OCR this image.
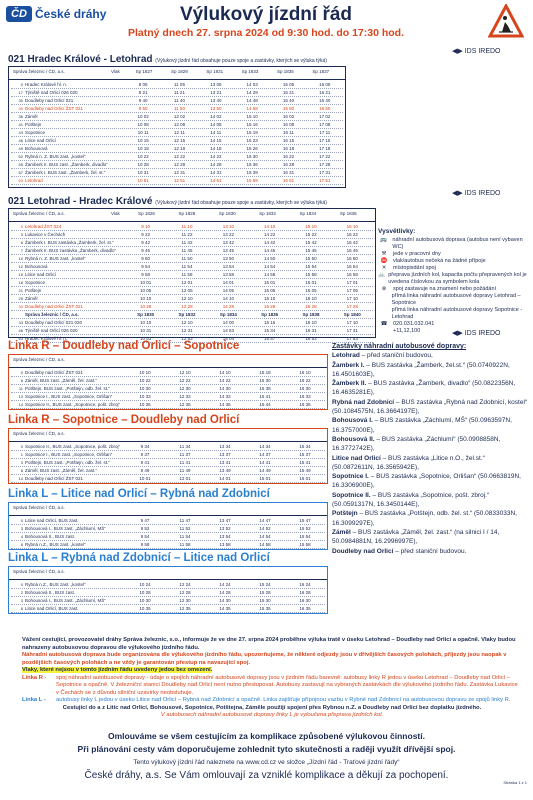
ČD České dráhy	Výlukový jízdní řád
Platný dnech 27. srpna 2024 od 9:30 hod. do 17:30 hod.
◀▶ IDS IREDO
◀▶ IDS IREDO
◀▶ IDS IREDO
021 Hradec Králové - Letohrad (Výlukový jízdní řád obsahuje pouze spoje a zastávky, kterých se výluka týká)
Správa železnic / ČD, a.s.	Vlak	Sp 1827	Sp 1829	Sp 1831	Sp 1833	Sp 1835	Sp 1837
0 Hradec Králové hl. n.	8 05	11 05	13 05	14 03	15 05	16 05
17 Týniště nad Orlicí 026 020	8 21	11 21	13 21	14 29	15 21	16 21
30 Doudleby nad Orlicí 021	9 40	11 40	13 40	14 48	15 40	16 40
30 Doudleby nad Orlicí ŽST 021	9 50	11 50	13 50	14 58	15 50	16 50
36 Záměl	10 02	12 02	14 02	15 10	16 02	17 02
41 Potštejn	10 08	12 08	14 08	15 16	16 08	17 08
43 Sopotnice	10 11	12 11	14 11	15 19	16 11	17 11
46 Litice nad Orlicí	10 15	12 15	14 15	15 23	16 15	17 15
49 Bohousová	10 18	12 18	14 18	15 26	16 18	17 18
52 Rybná n. Z. BUS zast. „kostel“	10 22	12 22	14 22	15 30	16 22	17 22
55 Žamberk II. BUS zast. „Žamberk, divadlo“	10 28	12 28	14 28	15 36	16 28	17 28
57 Žamberk I. BUS zast. „Žamberk, žel. st.“	10 31	12 31	14 31	15 39	16 31	17 31
63 Letohrad	10 51	12 51	14 51	15 59	16 51	17 51
021 Letohrad - Hradec Králové (Výlukový jízdní řád obsahuje pouze spoje a zastávky, kterých se výluka týká)
Správa železnic / ČD, a.s.	Vlak	Sp 1826	Sp 1828	Sp 1830	Sp 1832	Sp 1834	Sp 1836
0 Letohrad ŽST 024	9 10	11 10	13 10	14 10	15 10	16 10
3 Lukavice v Čechách	9 22	11 22	13 22	14 22	15 22	16 22
6 Žamberk I. BUS zastávka „Žamberk, žel. st.“	9 42	11 42	13 42	14 42	15 42	16 42
7 Žamberk II. BUS zastávka „Žamberk, divadlo“	9 45	11 45	13 45	14 45	15 45	16 45
10 Rybná n. Z. BUS zast. „kostel“	9 50	11 50	13 50	14 50	15 50	16 50
12 Bohousová	9 54	11 54	13 54	14 54	15 54	16 54
15 Litice nad Orlicí	9 58	11 58	13 58	14 58	15 58	16 58
18 Sopotnice	10 01	12 01	14 01	15 01	16 01	17 01
21 Potštejn	10 05	12 05	14 05	15 05	16 05	17 05
25 Záměl	10 10	12 10	14 10	15 10	16 10	17 10
33 Doudleby nad Orlicí ŽST 021	10 28	12 28	14 28	15 28	16 28	17 28
Správa železnic / ČD, a.s.	Sp 1830	Sp 1832	Sp 1834	Sp 1836	Sp 1838	Sp 1840
33 Doudleby nad Orlicí 021 020	10 10	12 10	14 00	15 16	16 10	17 10
46 Týniště nad Orlicí 026 020	10 31	12 31	14 53	15 34	16 31	17 31
63 Hradec Králové hl. n.	10 53	12 53	15 04	15 57	16 53	17 53
Vysvětlivky:
🚌 náhradní autobusová doprava (autobus není vybaven WC)
⚒	jede v pracovní dny
⛔	vlak/autobus nečeká na žádné přípoje
✕	místopisdání spoj
🚲 přeprava jízdních kol, kapacita počtu přepravených kol je uvedena číslovkou za symbolem kola
⊗	spoj zastavuje na znamení nebo požádání
přímá linka náhradní autobusové dopravy Letohrad – Sopotnice
přímá linka náhradní autobusové dopravy Sopotnice - Letohrad
☎	020.031.032.041
+11,12,100
Linka R – Doudleby nad Orlicí – Sopotnice
Správa železnic / ČD, a.s.
0 Doudleby nad Orlicí ŽST 021	10 10	12 10	14 10	15 18	16 10
6 Záměl, BUS zast. „Záměl, žel. zast.“	10 22	12 22	14 22	15 30	16 22
11 Potštejn, BUS zast. „Potštejn, odb. žel. st.“	10 30	12 30	14 30	15 38	16 30
13 Sopotnice I., BUS zast. „Sopotnice, Orlišan“	10 33	12 33	14 33	15 41	16 33
14 Sopotnice II., BUS zast. „Sopotnice, pošt. zbroj“	10 36	12 36	14 36	15 44	16 36
Linka R – Sopotnice – Doudleby nad Orlicí
Správa železnic / ČD, a.s.
0 Sopotnice II., BUS zast. „Sopotnice, pošt. zbroj“	9 34	11 34	13 34	14 34	15 34
1 Sopotnice I., BUS zast. „Sopotnice, Orlišan“	9 37	11 37	13 37	14 37	15 37
3 Potštejn, BUS zast. „Potštejn, odb. žel. st.“	9 41	11 41	13 41	14 41	15 41
8 Záměl, BUS zast. „Záměl, žel. zast.“	9 49	11 49	13 49	14 49	15 49
14 Doudleby nad Orlicí ŽST 021	10 01	12 01	14 01	15 01	16 01
Linka L – Litice nad Orlicí – Rybná nad Zdobnicí
Správa železnic / ČD, a.s.
0 Litice nad Orlicí, BUS zast.	9 47	11 47	13 47	14 47	15 47
3 Bohousová I., BUS zast. „Záchlumí, MŠ“	9 52	11 52	13 52	14 52	15 52
4 Bohousová II., BUS zast.	9 54	11 54	13 54	14 54	15 54
6 Rybná n.Z., BUS zast. „kostel“	9 58	11 58	13 58	14 58	15 58
Linka L – Rybná nad Zdobnicí – Litice nad Orlicí
Správa železnic / ČD, a.s.
0 Rybná n.Z., BUS zast. „kostel“	10 24	12 24	14 24	15 24	16 24
2 Bohousová II., BUS zast.	10 28	12 28	14 28	15 28	16 28
3 Bohousová I., BUS zast. „Záchlumí, MŠ“	10 30	12 30	14 30	15 30	16 30
6 Litice nad Orlicí, BUS zast.	10 35	12 35	14 35	15 35	16 35
Zastávky náhradní autobusové dopravy:

Letohrad – před staniční budovou,

Žamberk I. – BUS zastávka „Žamberk, žel.st.“ (50.0740922N, 16.4501603E),

Žamberk II. – BUS zastávka „Žamberk, divadlo“ (50.0822356N, 16.4635281E),

Rybná nad Zdobnicí – BUS zastávka „Rybná nad Zdobnicí, kostel“ (50.1084575N, 16.3664197E),

Bohousová I. – BUS zastávka „Záchlumí, MŠ“ (50.0963597N, 16.3757000E),

Bohousová II. – BUS zastávka „Záchlumí“ (50.0908858N, 16.3772742E),

Litice nad Orlicí – BUS zastávka „Litice n.O., žel.st.“ (50.0872611N, 16.3565942E),

Sopotnice I. – BUS zastávka „Sopotnice, Orlišan“ (50.0663819N, 16.3306900E),

Sopotnice II. – BUS zastávka „Sopotnice, pošt. zbroj.“ (50.0591317N, 16.3450144E),

Potštejn – BUS zastávka „Potštejn, odb. žel. st.“ (50.0833033N, 16.3099297E),

Záměl – BUS zastávka „Záměl, žel. zast.“ (na silnici I / 14, 50.0984881N, 16.2996997E),

Doudleby nad Orlicí – před staniční budovou.

Vážení cestující, provozovatel dráhy Správa železnic, s.o., informuje že ve dne 27. srpna 2024 proběhne výluka tratě v úseku Letohrad – Doudleby nad Orlicí a opačně. Vlaky budou nahrazeny autobusovou dopravou dle výlukového jízdního řádu.
Náhradní autobusová doprava bude organizována dle výlukového jízdního řádu, upozorňujeme, že některé odjezdy jsou v dřívějších časových polohách, příjezdy jsou naopak v pozdějších časových polohách a ne vždy je garantován přestup na navazující spoj.
Vlaky, které nejsou v tomto jízdním řádu uvedeny jedou bez omezení.
Linka R -	spoj náhradní autobusové dopravy - údaje o spojích náhradní autobusové dopravy jsou v jízdním řádu barevně: autobusy linky R jedou v úseku Letohrad – Doudleby nad Orlicí – Sopotnice a opačně. V železniční stanici Doudleby nad Orlicí není nutno přestupovat. Autobusy zastavují na vybraných zastávkách dle výlukového jízdního řádu. Zastávka Lukavice v Čechách se z důvodu silniční uzavírky neobsluhuje.
Linka L -	autobusy linky L jedou v úseku Litice nad Orlicí – Rybná nad Zdobnicí a opačně. Linka zajišťuje přípojnou vazbu v Rybné nad Zdobnicí na autobusovou dopravu ze spojů linky R.
Cestující do a z Litic nad Orlicí, Bohousové, Sopotnice, Potštejna, Záměle použijí spojení přes Rybnou n.Z. a Doudleby nad Orlicí bez doplatku jízdného.
V autobusech náhradní autobusové dopravy linky L je vyloučena přeprava jízdních kol.
Omlouváme se všem cestujícím za komplikace způsobené výlukovou činností.
Při plánování cesty vám doporučujeme zohlednit tyto skutečnosti a raději využít dřívější spoj.
Tento výlukový jízdní řád naleznete na www.cd.cz ve složce „Jízdní řád - Traťové jízdní řády“
České dráhy, a.s. Se Vám omlouvají za vzniklé komplikace a děkují za pochopení.
Stránka 1 z 1
